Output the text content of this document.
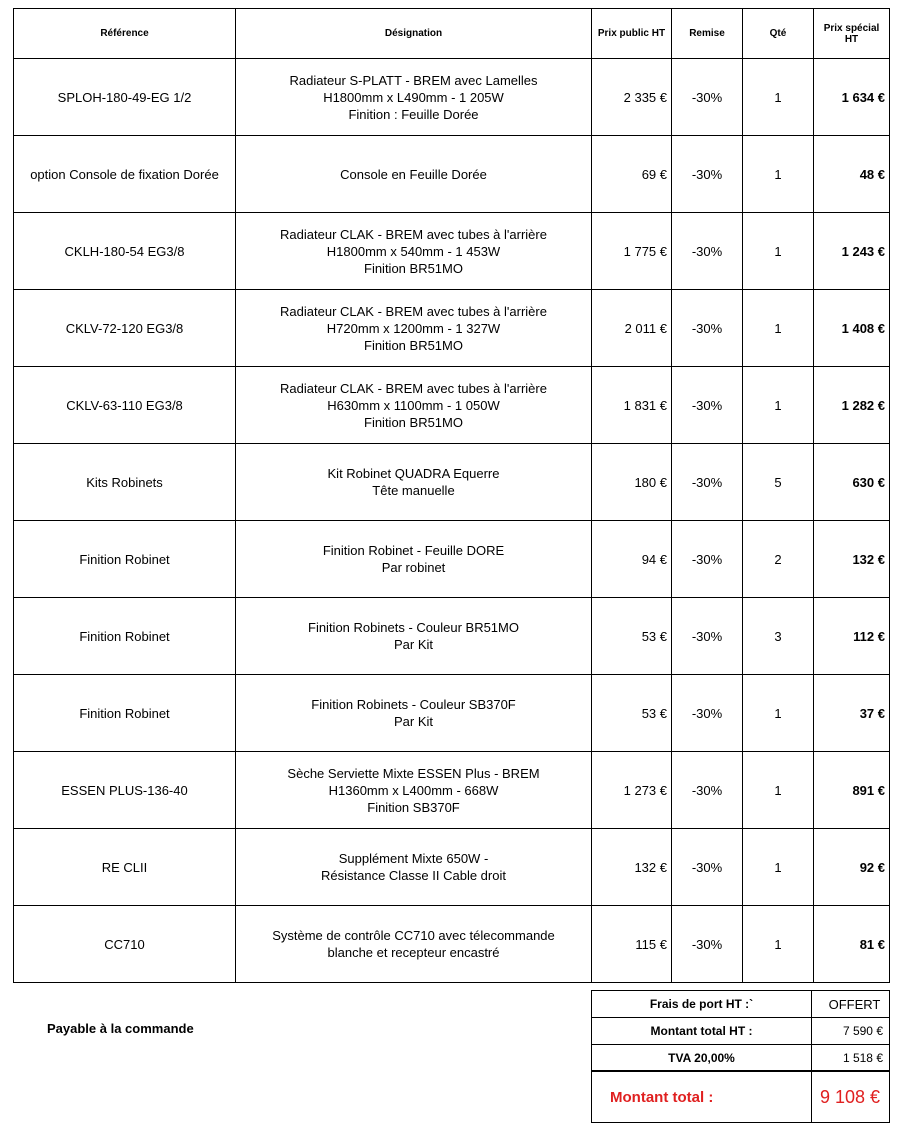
Référence	Désignation	Prix public HT	Remise	Qté	Prix spécial HT
SPLOH-180-49-EG 1/2	Radiateur S-PLATT - BREM avec Lamelles
H1800mm x L490mm - 1 205W
Finition : Feuille Dorée	2 335 €	-30%	1	1 634 €
option Console de fixation Dorée	Console en Feuille Dorée	69 €	-30%	1	48 €
CKLH-180-54 EG3/8	Radiateur CLAK - BREM avec tubes à l'arrière
H1800mm x 540mm - 1 453W
Finition BR51MO	1 775 €	-30%	1	1 243 €
CKLV-72-120 EG3/8	Radiateur CLAK - BREM avec tubes à l'arrière
H720mm x 1200mm - 1 327W
Finition BR51MO	2 011 €	-30%	1	1 408 €
CKLV-63-110 EG3/8	Radiateur CLAK - BREM avec tubes à l'arrière
H630mm x 1100mm - 1 050W
Finition BR51MO	1 831 €	-30%	1	1 282 €
Kits Robinets	Kit Robinet QUADRA Equerre
Tête manuelle	180 €	-30%	5	630 €
Finition Robinet	Finition Robinet - Feuille DORE
Par robinet	94 €	-30%	2	132 €
Finition Robinet	Finition Robinets - Couleur BR51MO
Par Kit	53 €	-30%	3	112 €
Finition Robinet	Finition Robinets - Couleur SB370F
Par Kit	53 €	-30%	1	37 €
ESSEN PLUS-136-40	Sèche Serviette Mixte ESSEN Plus - BREM
H1360mm x L400mm - 668W
Finition SB370F	1 273 €	-30%	1	891 €
RE CLII	Supplément Mixte 650W -
Résistance Classe II Cable droit	132 €	-30%	1	92 €
CC710	Système de contrôle CC710 avec télecommande
blanche et recepteur encastré	115 €	-30%	1	81 €
Payable à la commande
Frais de port HT :`	OFFERT
Montant total HT :	7 590 €
TVA 20,00%	1 518 €
Montant total :	9 108 €
